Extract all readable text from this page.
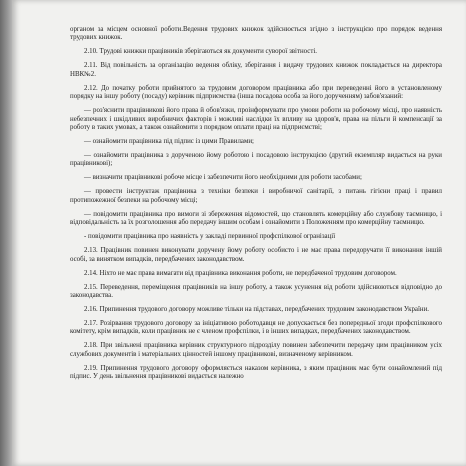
органом за місцем основної роботи.Ведення трудових книжок здійснюється згідно з інструкцією про порядок ведення трудових книжок.

2.10. Трудові книжки працівників зберігаються як документи суворої звітності.

2.11. Вiд повільність за організацію ведення обліку, зберігання і видачу трудових книжок покладається на директора НВК№2.

2.12. До початку роботи прийнятого за трудовим договором працівника або при переведенні його в установленому порядку на іншу роботу (посаду) керівник підприємства (інша посадова особа за його дорученням) забов'язаний:

— роз'яснити працівникові його права й обов'язки, проінформувати про умови роботи на робочому місці, про наявність небезпечних і шкідливих виробничих факторів і можливі наслідки їх впливу на здоров'я, права на пільги й компенсації за роботу в таких умовах, а також ознайомити з порядком оплати праці на підприємстві;

— ознайомити працівника під підпис із цими Правилами;

— ознайомити працівника з дорученою йому роботою і посадовою інструкцією (другий екземпляр видається на руки працівникові);

— визначити працівникові робоче місце і забезпечити його необхідними для роботи засобами;

— провести інструктаж працівника з техніки безпеки і виробничої санітарії, з питань гігієни праці і правил протипожежної безпеки на робочому місці;

— повідомити працівника про вимоги зі збереження відомостей, що становлять комерційну або службову таємницю, і відповідальність за їх розголошення або передачу іншим особам і ознайомити з Положенням про комерційну таємницю.

- повідомити працівника про наявність у закладі первинної профспілкової огранізації

2.13. Працівник повинен виконувати доручену йому роботу особисто і не має права передоручати її виконання іншій особі, за винятком випадків, передбачених законодавством.

2.14. Ніхто не має права вимагати від працівника виконання роботи, не передбаченої трудовим договором.

2.15. Переведення, переміщення працівників на іншу роботу, а також усунення від роботи здійснюються відповідно до законодавства.

2.16. Припинення трудового договору можливе тільки на підставах, передбачених трудовим законодавством України.

2.17. Розірвання трудового договору за ініціативою роботодавця не допускається без попередньої згоди профспілкового комітету, крім випадків, коли працівник не є членом профспілки, і в інших випадках, передбачених законодавством.

2.18. При звільнені працівника керівник структурного підрозділу повинен забезпечити передачу цим працівником усіх службових документів і матеріальних цінностей іншому працівникові, визначеному керівником.

2.19. Припинення трудового договору оформляється наказом керівника, з яким працівник має бути ознайомлений під підпис. У день звільнення працівникові видається належно
